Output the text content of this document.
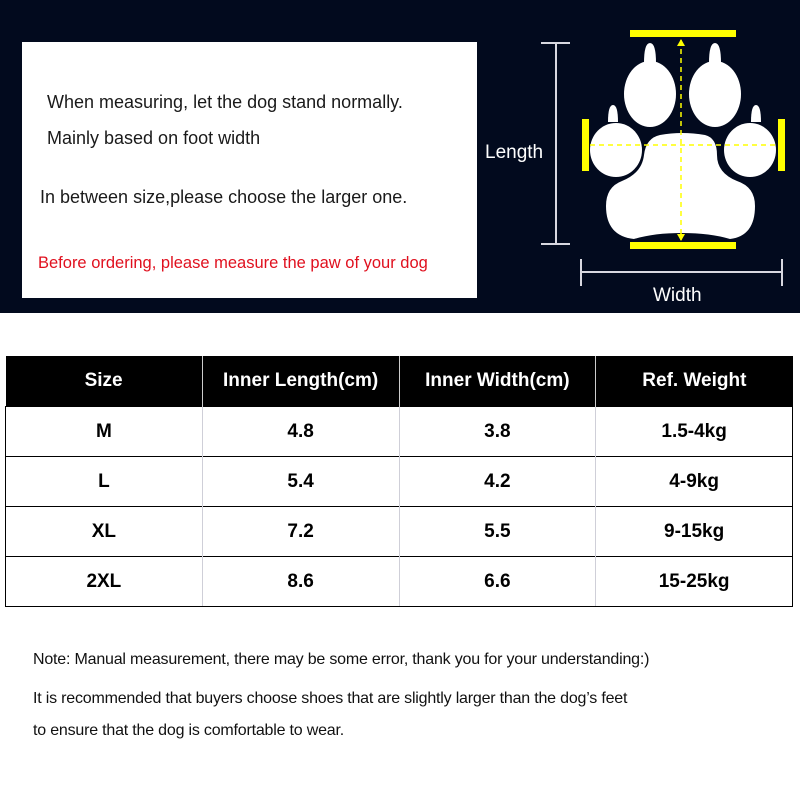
When measuring, let the dog stand normally.
Mainly based on foot width
In between size,please choose the larger one.
Before ordering, please measure the paw of your dog
Length
Width
Size	Inner Length(cm)	Inner Width(cm)	Ref. Weight
M	4.8	3.8	1.5-4kg
L	5.4	4.2	4-9kg
XL	7.2	5.5	9-15kg
2XL	8.6	6.6	15-25kg
Note: Manual measurement, there may be some error, thank you for your understanding:)
It is recommended that buyers choose shoes that are slightly larger than the dog’s feet
to ensure that the dog is comfortable to wear.
